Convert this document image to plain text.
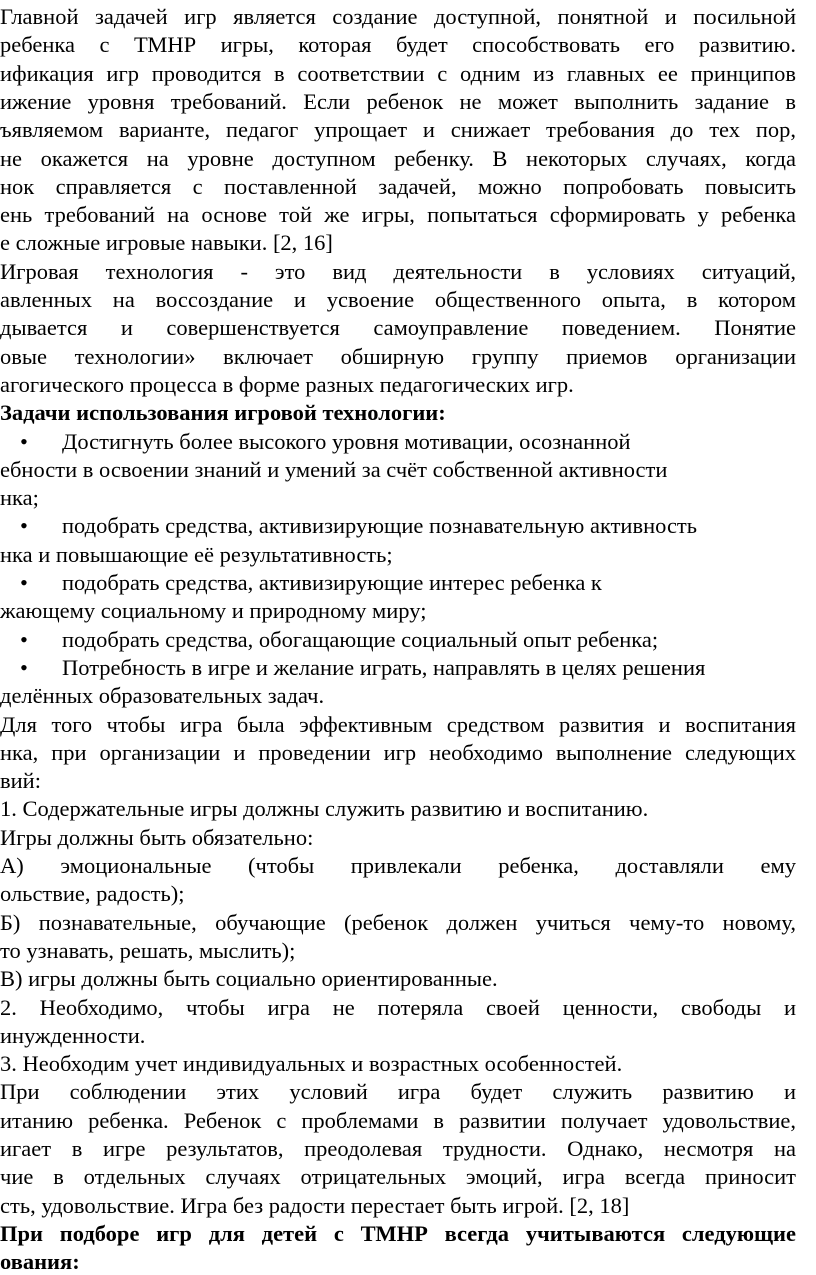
Главной задачей игр является создание доступной, понятной и посильной
ребенка с ТМНР игры, которая будет способствовать его развитию.
ификация игр проводится в соответствии с одним из главных ее принципов
ижение уровня требований. Если ребенок не может выполнить задание в
ъявляемом варианте, педагог упрощает и снижает требования до тех пор,
не окажется на уровне доступном ребенку. В некоторых случаях, когда
нок справляется с поставленной задачей, можно попробовать повысить
ень требований на основе той же игры, попытаться сформировать у ребенка
е сложные игровые навыки. [2, 16]
Игровая технология - это вид деятельности в условиях ситуаций,
авленных на воссоздание и усвоение общественного опыта, в котором
дывается и совершенствуется самоуправление поведением. Понятие
овые технологии» включает обширную группу приемов организации
агогического процесса в форме разных педагогических игр.
Задачи использования игровой технологии:
• Достигнуть более высокого уровня мотивации, осознанной
ебности в освоении знаний и умений за счёт собственной активности
нка;
• подобрать средства, активизирующие познавательную активность
нка и повышающие её результативность;
• подобрать средства, активизирующие интерес ребенка к
жающему социальному и природному миру;
• подобрать средства, обогащающие социальный опыт ребенка;
• Потребность в игре и желание играть, направлять в целях решения
делённых образовательных задач.
Для того чтобы игра была эффективным средством развития и воспитания
нка, при организации и проведении игр необходимо выполнение следующих
вий:
1. Содержательные игры должны служить развитию и воспитанию.
Игры должны быть обязательно:
А) эмоциональные (чтобы привлекали ребенка, доставляли ему
ольствие, радость);
Б) познавательные, обучающие (ребенок должен учиться чему-то новому,
то узнавать, решать, мыслить);
В) игры должны быть социально ориентированные.
2. Необходимо, чтобы игра не потеряла своей ценности, свободы и
инужденности.
3. Необходим учет индивидуальных и возрастных особенностей.
При соблюдении этих условий игра будет служить развитию и
итанию ребенка. Ребенок с проблемами в развитии получает удовольствие,
игает в игре результатов, преодолевая трудности. Однако, несмотря на
чие в отдельных случаях отрицательных эмоций, игра всегда приносит
сть, удовольствие. Игра без радости перестает быть игрой. [2, 18]
При подборе игр для детей с ТМНР всегда учитываются следующие
ования:
